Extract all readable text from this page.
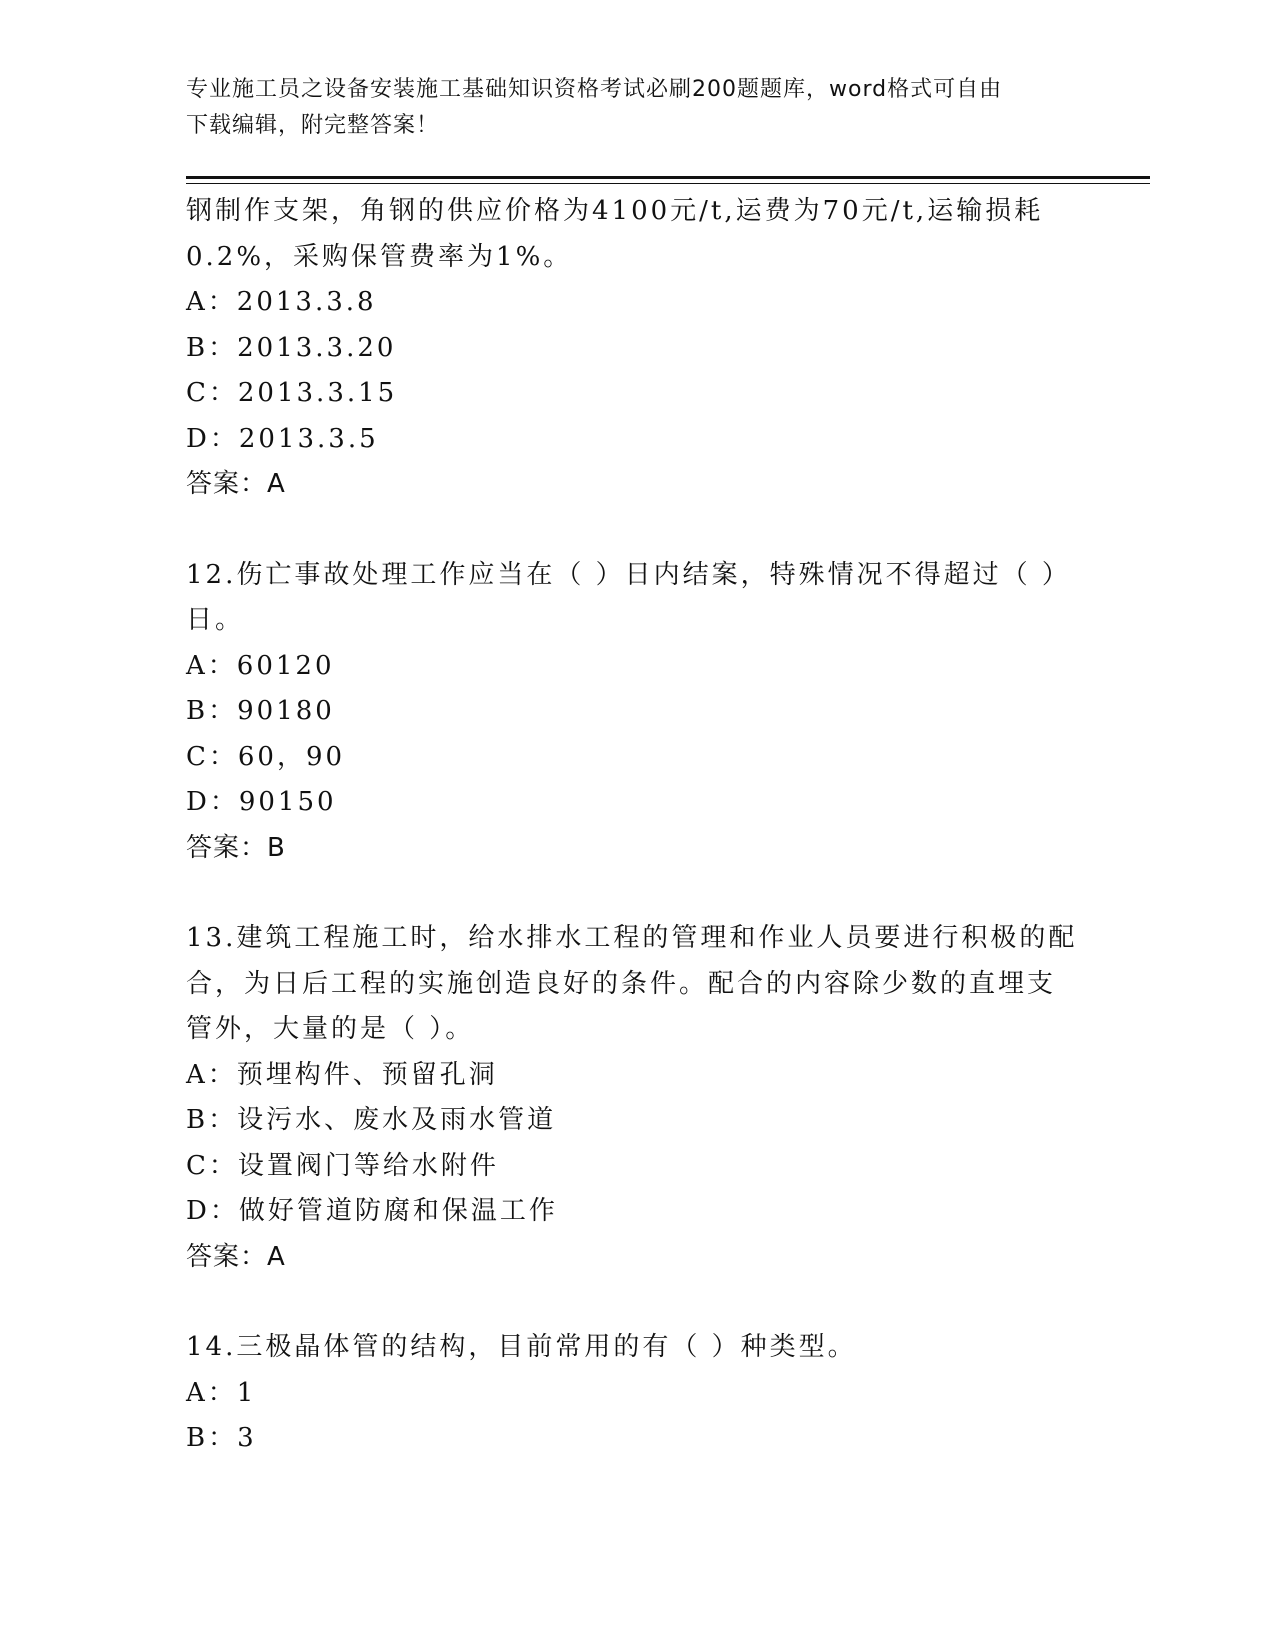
专业施工员之设备安装施工基础知识资格考试必刷200题题库，word格式可自由
下载编辑，附完整答案！
钢制作支架，角钢的供应价格为4100元/t,运费为70元/t,运输损耗
0.2%，采购保管费率为1%。
A：2013.3.8
B：2013.3.20
C：2013.3.15
D：2013.3.5
答案：A
12.伤亡事故处理工作应当在（ ）日内结案，特殊情况不得超过（ ）
日。
A：60120
B：90180
C：60，90
D：90150
答案：B
13.建筑工程施工时，给水排水工程的管理和作业人员要进行积极的配
合，为日后工程的实施创造良好的条件。配合的内容除少数的直埋支
管外，大量的是（ ）。
A：预埋构件、预留孔洞
B：设污水、废水及雨水管道
C：设置阀门等给水附件
D：做好管道防腐和保温工作
答案：A
14.三极晶体管的结构，目前常用的有（ ）种类型。
A：1
B：3
